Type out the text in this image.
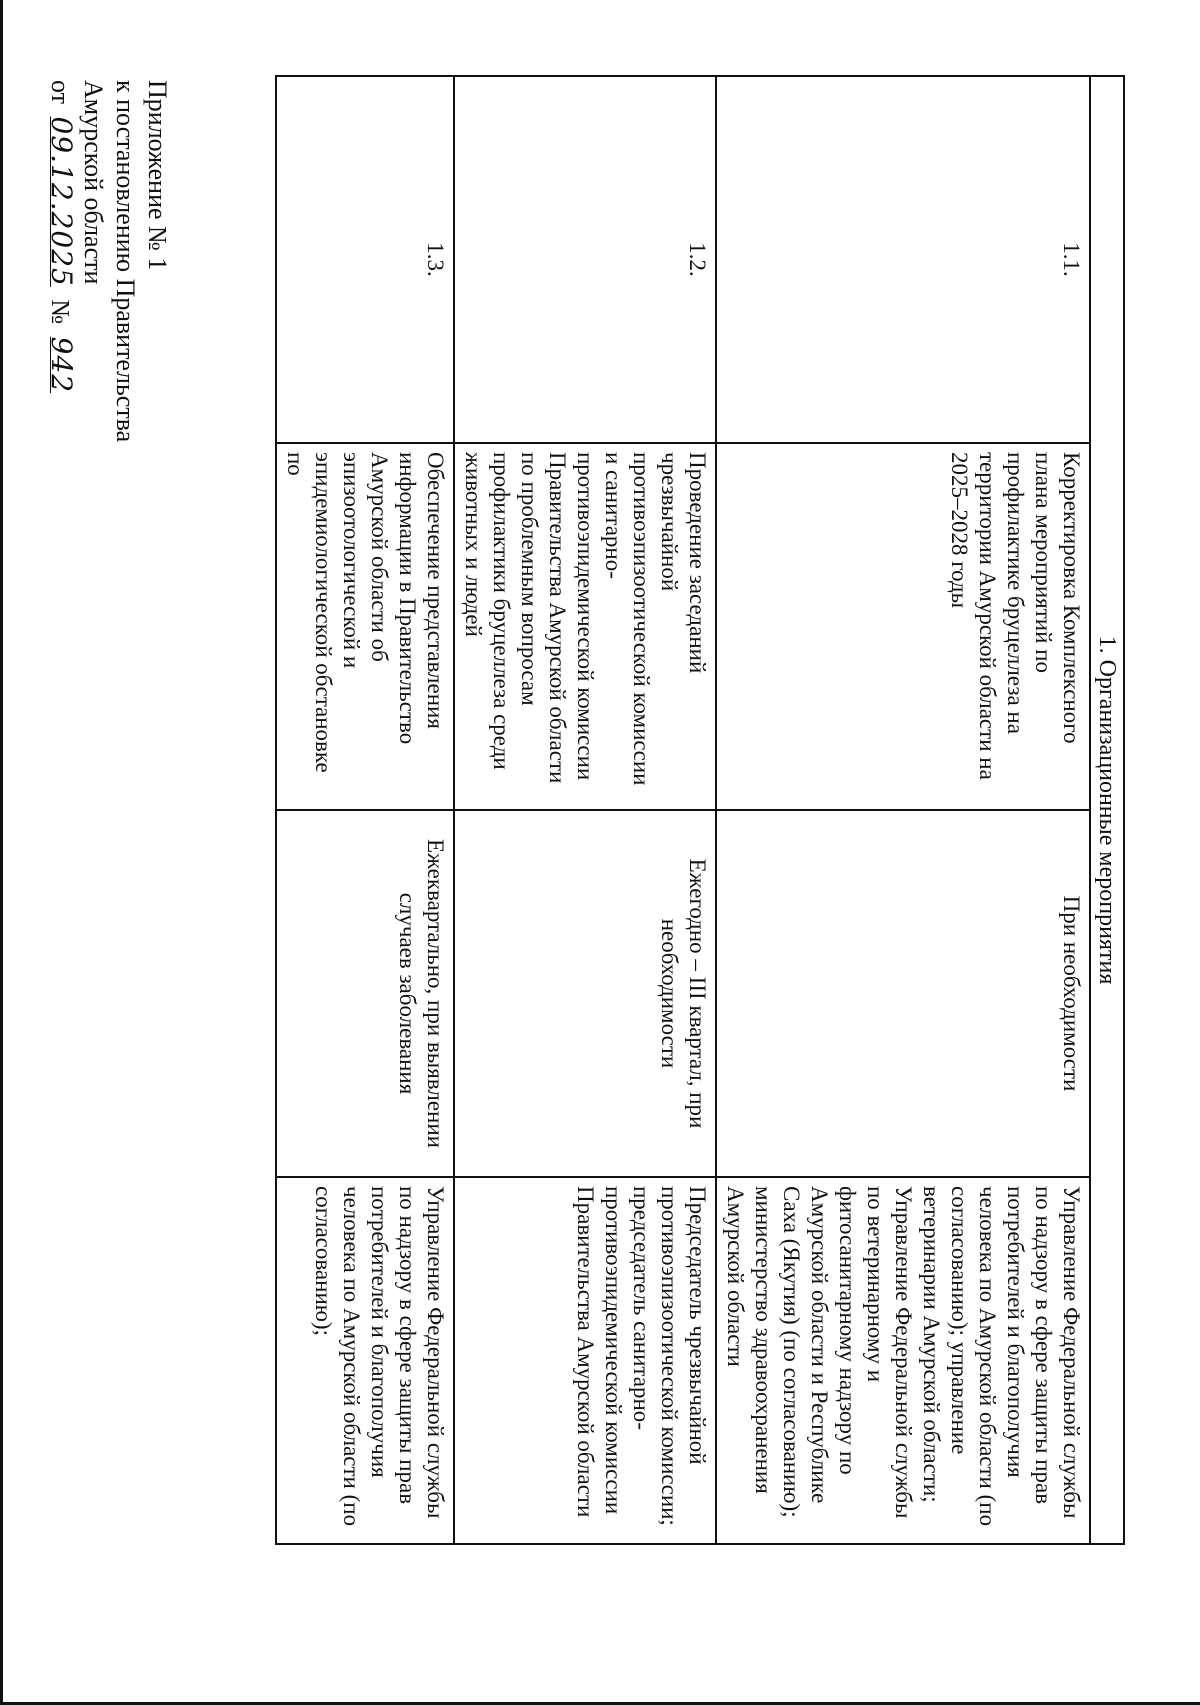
Приложение № 1
к постановлению Правительства
Амурской области
от 09.12.2025 № 942
1. Организационные мероприятия			
1.1.	Корректировка Комплексного плана мероприятий по профилактике бруцеллеза на территории Амурской области на 2025–2028 годы	При необходимости	Управление Федеральной службы по надзору в сфере защиты прав потребителей и благополучия человека по Амурской области (по согласованию); управление ветеринарии Амурской области; Управление Федеральной службы по ветеринарному и фитосанитарному надзору по Амурской области и Республике Саха (Якутия) (по согласованию); министерство здравоохранения Амурской области
1.2.	Проведение заседаний чрезвычайной противоэпизоотической комиссии и санитарно-противоэпидемической комиссии Правительства Амурской области по проблемным вопросам профилактики бруцеллеза среди животных и людей	Ежегодно – III квартал, при необходимости	Председатель чрезвычайной противоэпизоотической комиссии; председатель санитарно-противоэпидемической комиссии Правительства Амурской области
1.3.	Обеспечение представления информации в Правительство Амурской области об эпизоотологической и эпидемиологической обстановке по	Ежеквартально, при выявлении случаев заболевания	Управление Федеральной службы по надзору в сфере защиты прав потребителей и благополучия человека по Амурской области (по согласованию);
